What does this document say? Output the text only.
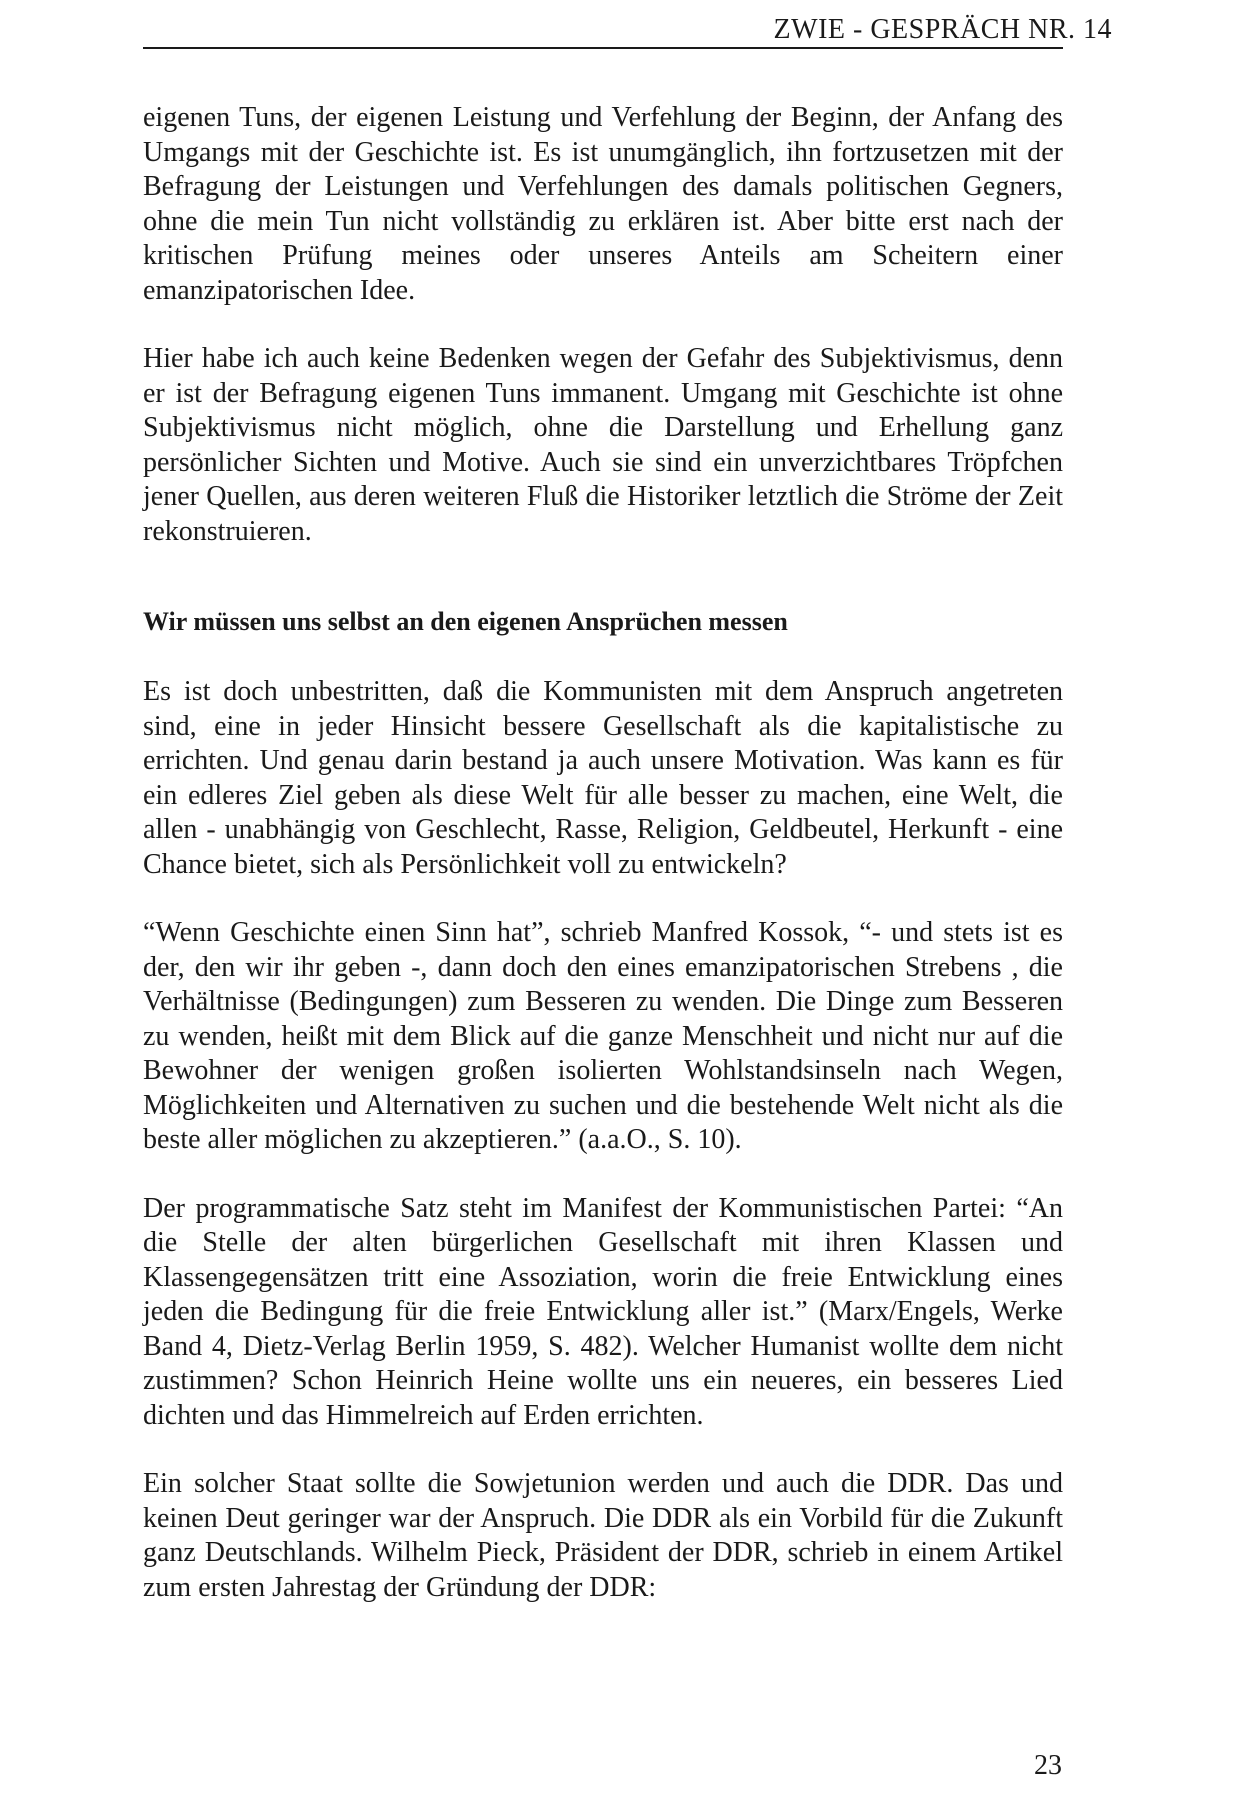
ZWIE - GESPRÄCH NR. 14

eigenen Tuns, der eigenen Leistung und Verfehlung der Beginn, der Anfang des Umgangs mit der Geschichte ist. Es ist unumgänglich, ihn fortzusetzen mit der Befragung der Leistungen und Verfehlungen des damals politischen Gegners, ohne die mein Tun nicht vollständig zu erklären ist. Aber bitte erst nach der kritischen Prüfung meines oder unseres Anteils am Scheitern einer emanzipatorischen Idee.

Hier habe ich auch keine Bedenken wegen der Gefahr des Subjektivismus, denn er ist der Befragung eigenen Tuns immanent. Umgang mit Geschichte ist ohne Subjektivismus nicht möglich, ohne die Darstellung und Erhellung ganz persönlicher Sichten und Motive. Auch sie sind ein unverzichtbares Tröpfchen jener Quellen, aus deren weiteren Fluß die Historiker letztlich die Ströme der Zeit rekonstruieren.

Wir müssen uns selbst an den eigenen Ansprüchen messen

Es ist doch unbestritten, daß die Kommunisten mit dem Anspruch angetreten sind, eine in jeder Hinsicht bessere Gesellschaft als die kapitalistische zu errichten. Und genau darin bestand ja auch unsere Motivation. Was kann es für ein edleres Ziel geben als diese Welt für alle besser zu machen, eine Welt, die allen - unabhängig von Geschlecht, Rasse, Religion, Geldbeutel, Herkunft - eine Chance bietet, sich als Persönlichkeit voll zu entwickeln?

“Wenn Geschichte einen Sinn hat”, schrieb Manfred Kossok, “- und stets ist es der, den wir ihr geben -, dann doch den eines emanzipatorischen Strebens , die Verhältnisse (Bedingungen) zum Besseren zu wenden. Die Dinge zum Besseren zu wenden, heißt mit dem Blick auf die ganze Menschheit und nicht nur auf die Bewohner der wenigen großen isolierten Wohlstandsinseln nach Wegen, Möglichkeiten und Alternativen zu suchen und die bestehende Welt nicht als die beste aller möglichen zu akzeptieren.” (a.a.O., S. 10).

Der programmatische Satz steht im Manifest der Kommunistischen Partei: “An die Stelle der alten bürgerlichen Gesellschaft mit ihren Klassen und Klassengegensätzen tritt eine Assoziation, worin die freie Entwicklung eines jeden die Bedingung für die freie Entwicklung aller ist.” (Marx/Engels, Werke Band 4, Dietz-Verlag Berlin 1959, S. 482). Welcher Humanist wollte dem nicht zustimmen? Schon Heinrich Heine wollte uns ein neueres, ein besseres Lied dichten und das Himmelreich auf Erden errichten.

Ein solcher Staat sollte die Sowjetunion werden und auch die DDR. Das und keinen Deut geringer war der Anspruch. Die DDR als ein Vorbild für die Zukunft ganz Deutschlands. Wilhelm Pieck, Präsident der DDR, schrieb in einem Artikel zum ersten Jahrestag der Gründung der DDR:

23
